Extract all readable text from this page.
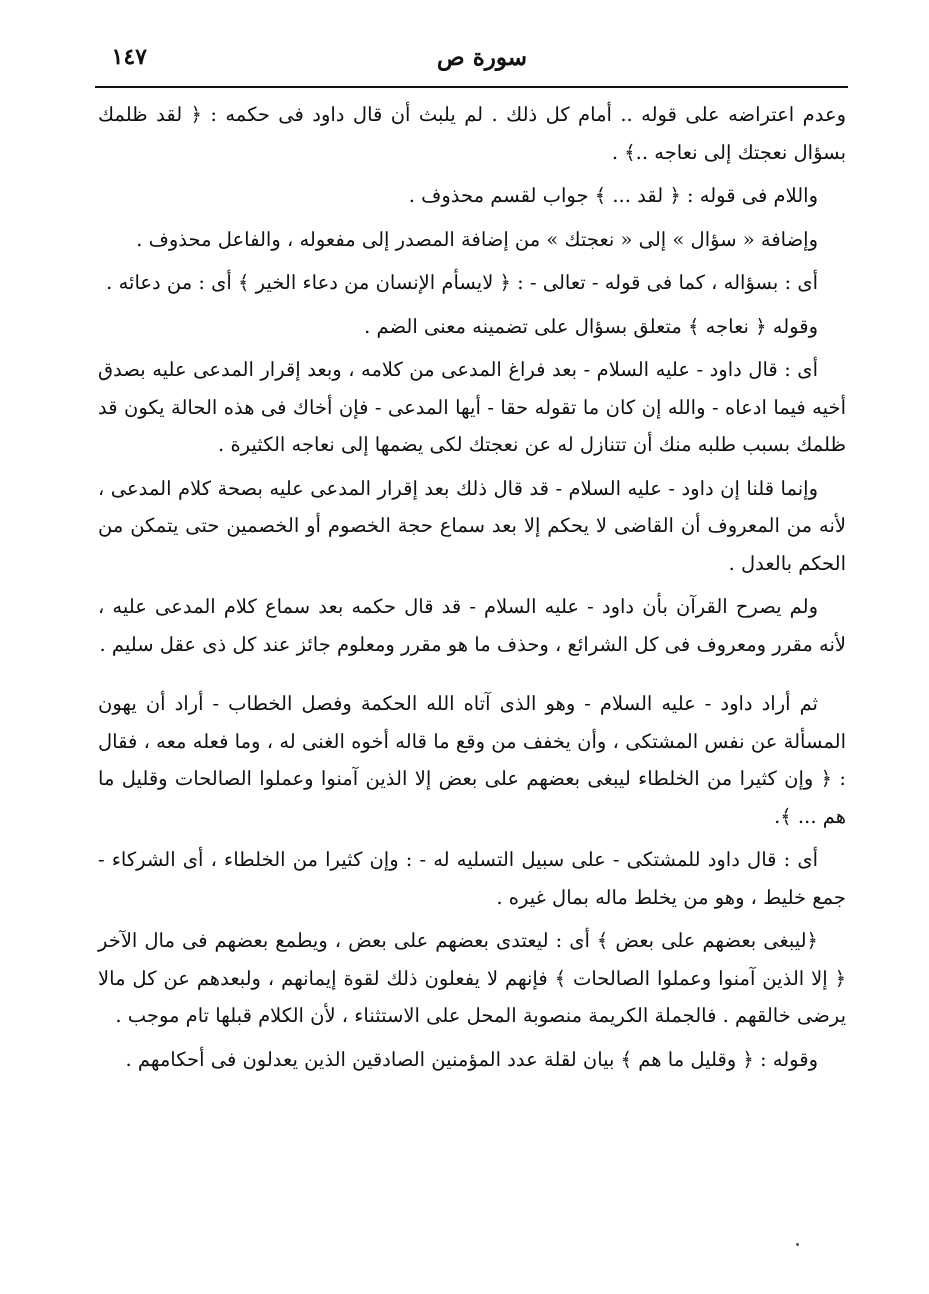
سورة ص
١٤٧

وعدم اعتراضه على قوله .. أمام كل ذلك . لم يلبث أن قال داود فى حكمه : ﴿ لقد ظلمك بسؤال نعجتك إلى نعاجه ..﴾ .

واللام فى قوله : ﴿ لقد ... ﴾ جواب لقسم محذوف .

وإضافة « سؤال » إلى « نعجتك » من إضافة المصدر إلى مفعوله ، والفاعل محذوف .

أى : بسؤاله ، كما فى قوله - تعالى - : ﴿ لايسأم الإنسان من دعاء الخير ﴾ أى : من دعائه .

وقوله ﴿ نعاجه ﴾ متعلق بسؤال على تضمينه معنى الضم .

أى : قال داود - عليه السلام - بعد فراغ المدعى من كلامه ، وبعد إقرار المدعى عليه بصدق أخيه فيما ادعاه - والله إن كان ما تقوله حقا - أيها المدعى - فإن أخاك فى هذه الحالة يكون قد ظلمك بسبب طلبه منك أن تتنازل له عن نعجتك لكى يضمها إلى نعاجه الكثيرة .

وإنما قلنا إن داود - عليه السلام - قد قال ذلك بعد إقرار المدعى عليه بصحة كلام المدعى ، لأنه من المعروف أن القاضى لا يحكم إلا بعد سماع حجة الخصوم أو الخصمين حتى يتمكن من الحكم بالعدل .

ولم يصرح القرآن بأن داود - عليه السلام - قد قال حكمه بعد سماع كلام المدعى عليه ، لأنه مقرر ومعروف فى كل الشرائع ، وحذف ما هو مقرر ومعلوم جائز عند كل ذى عقل سليم .

ثم أراد داود - عليه السلام - وهو الذى آتاه الله الحكمة وفصل الخطاب - أراد أن يهون المسألة عن نفس المشتكى ، وأن يخفف من وقع ما قاله أخوه الغنى له ، وما فعله معه ، فقال : ﴿ وإن كثيرا من الخلطاء ليبغى بعضهم على بعض إلا الذين آمنوا وعملوا الصالحات وقليل ما هم ... ﴾.

أى : قال داود للمشتكى - على سبيل التسليه له - : وإن كثيرا من الخلطاء ، أى الشركاء - جمع خليط ، وهو من يخلط ماله بمال غيره .

﴿ليبغى بعضهم على بعض ﴾ أى : ليعتدى بعضهم على بعض ، ويطمع بعضهم فى مال الآخر ﴿ إلا الذين آمنوا وعملوا الصالحات ﴾ فإنهم لا يفعلون ذلك لقوة إيمانهم ، ولبعدهم عن كل مالا يرضى خالقهم . فالجملة الكريمة منصوبة المحل على الاستثناء ، لأن الكلام قبلها تام موجب .

وقوله : ﴿ وقليل ما هم ﴾ بيان لقلة عدد المؤمنين الصادقين الذين يعدلون فى أحكامهم .
